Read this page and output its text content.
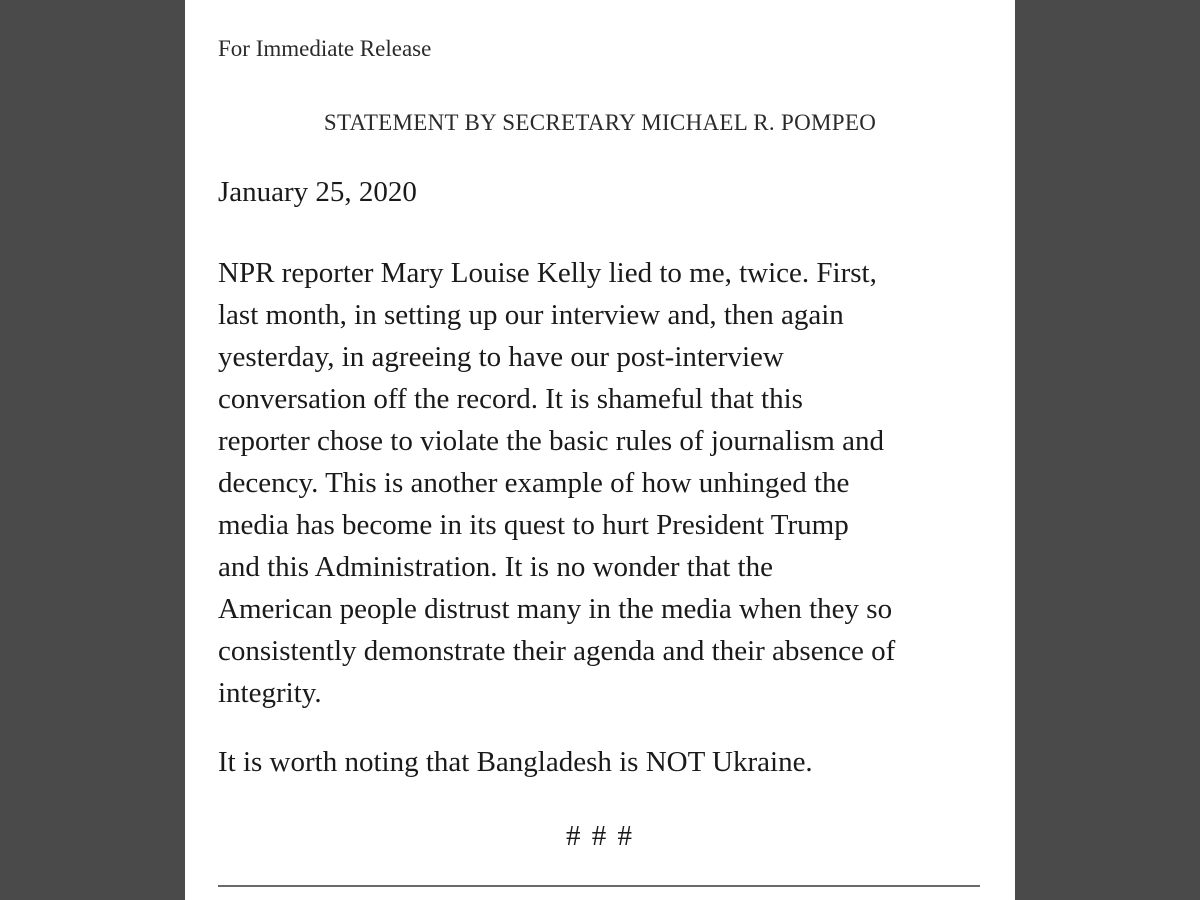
For Immediate Release
STATEMENT BY SECRETARY MICHAEL R. POMPEO
January 25, 2020

NPR reporter Mary Louise Kelly lied to me, twice. First,
last month, in setting up our interview and, then again
yesterday, in agreeing to have our post-interview
conversation off the record. It is shameful that this
reporter chose to violate the basic rules of journalism and
decency. This is another example of how unhinged the
media has become in its quest to hurt President Trump
and this Administration. It is no wonder that the
American people distrust many in the media when they so
consistently demonstrate their agenda and their absence of
integrity.

It is worth noting that Bangladesh is NOT Ukraine.
# # #
